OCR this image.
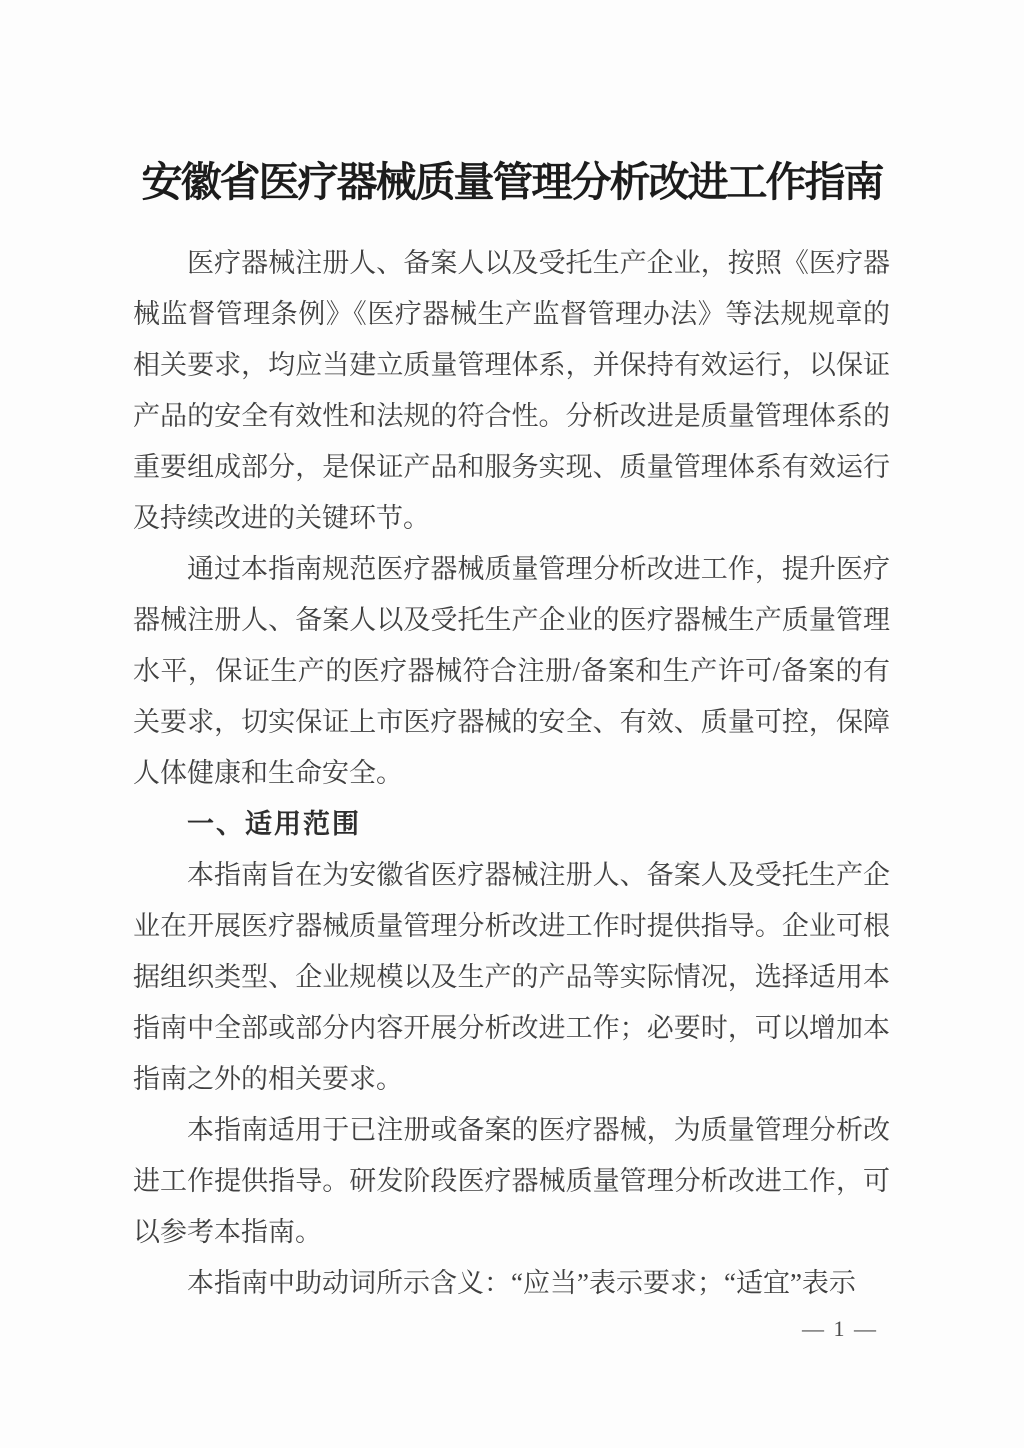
安徽省医疗器械质量管理分析改进工作指南
医疗器械注册人、备案人以及受托生产企业，按照《医疗器
械监督管理条例》《医疗器械生产监督管理办法》等法规规章的
相关要求，均应当建立质量管理体系，并保持有效运行，以保证
产品的安全有效性和法规的符合性。分析改进是质量管理体系的
重要组成部分，是保证产品和服务实现、质量管理体系有效运行
及持续改进的关键环节。
通过本指南规范医疗器械质量管理分析改进工作，提升医疗
器械注册人、备案人以及受托生产企业的医疗器械生产质量管理
水平，保证生产的医疗器械符合注册/备案和生产许可/备案的有
关要求，切实保证上市医疗器械的安全、有效、质量可控，保障
人体健康和生命安全。
一、适用范围
本指南旨在为安徽省医疗器械注册人、备案人及受托生产企
业在开展医疗器械质量管理分析改进工作时提供指导。企业可根
据组织类型、企业规模以及生产的产品等实际情况，选择适用本
指南中全部或部分内容开展分析改进工作；必要时，可以增加本
指南之外的相关要求。
本指南适用于已注册或备案的医疗器械，为质量管理分析改
进工作提供指导。研发阶段医疗器械质量管理分析改进工作，可
以参考本指南。
本指南中助动词所示含义：“应当”表示要求；“适宜”表示
— 1 —
